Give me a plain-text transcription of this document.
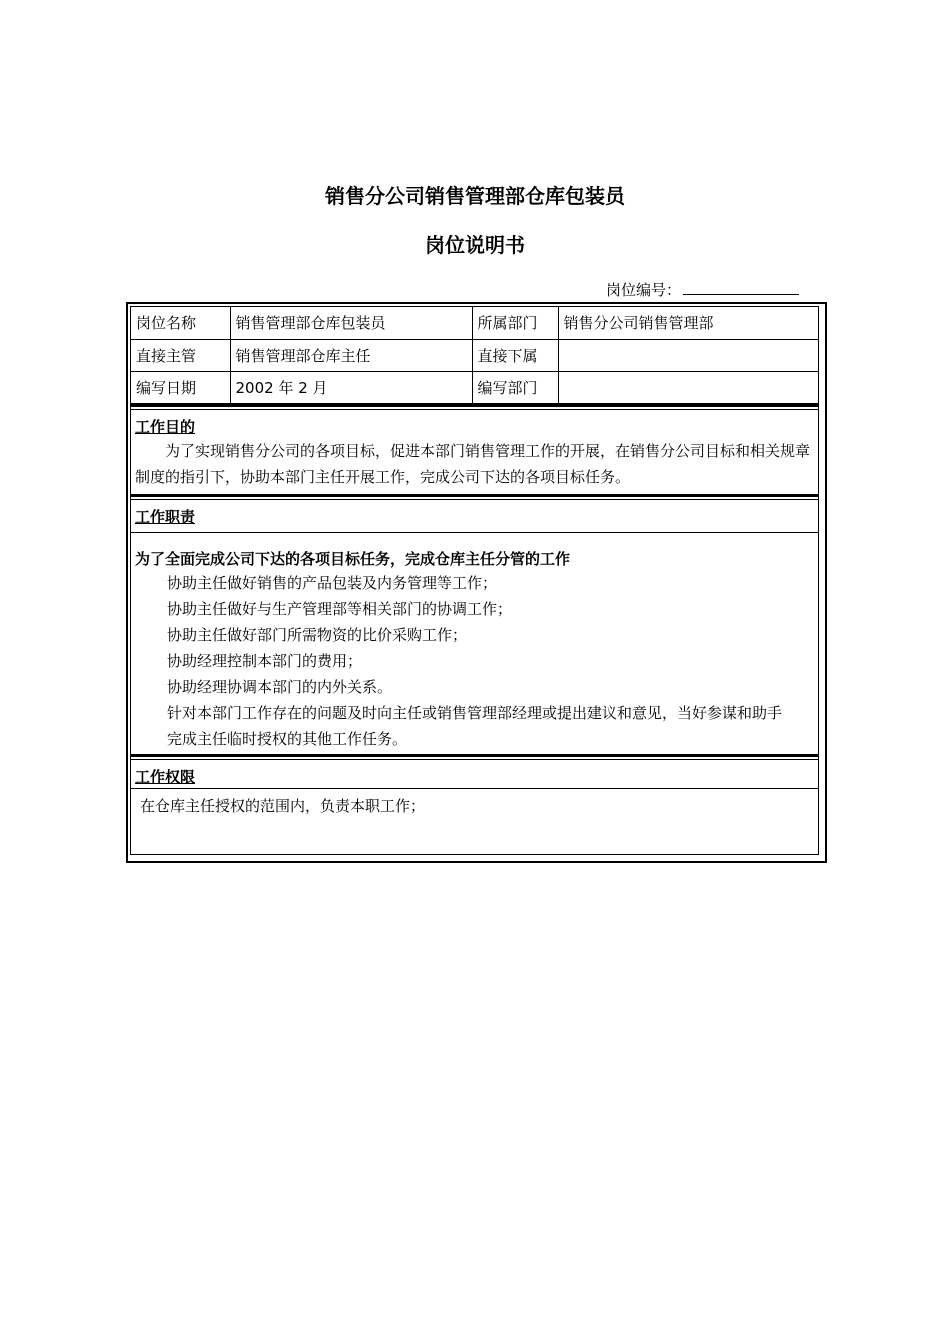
销售分公司销售管理部仓库包装员
岗位说明书
岗位编号：
岗位名称	销售管理部仓库包装员	所属部门	销售分公司销售管理部
直接主管	销售管理部仓库主任	直接下属	
编写日期	2002 年 2 月	编写部门	
工作目的
为了实现销售分公司的各项目标，促进本部门销售管理工作的开展，在销售分公司目标和相关规章制度的指引下，协助本部门主任开展工作，完成公司下达的各项目标任务。
工作职责
为了全面完成公司下达的各项目标任务，完成仓库主任分管的工作
协助主任做好销售的产品包装及内务管理等工作；
协助主任做好与生产管理部等相关部门的协调工作；
协助主任做好部门所需物资的比价采购工作；
协助经理控制本部门的费用；
协助经理协调本部门的内外关系。
针对本部门工作存在的问题及时向主任或销售管理部经理或提出建议和意见，当好参谋和助手
完成主任临时授权的其他工作任务。
工作权限
在仓库主任授权的范围内，负责本职工作；
